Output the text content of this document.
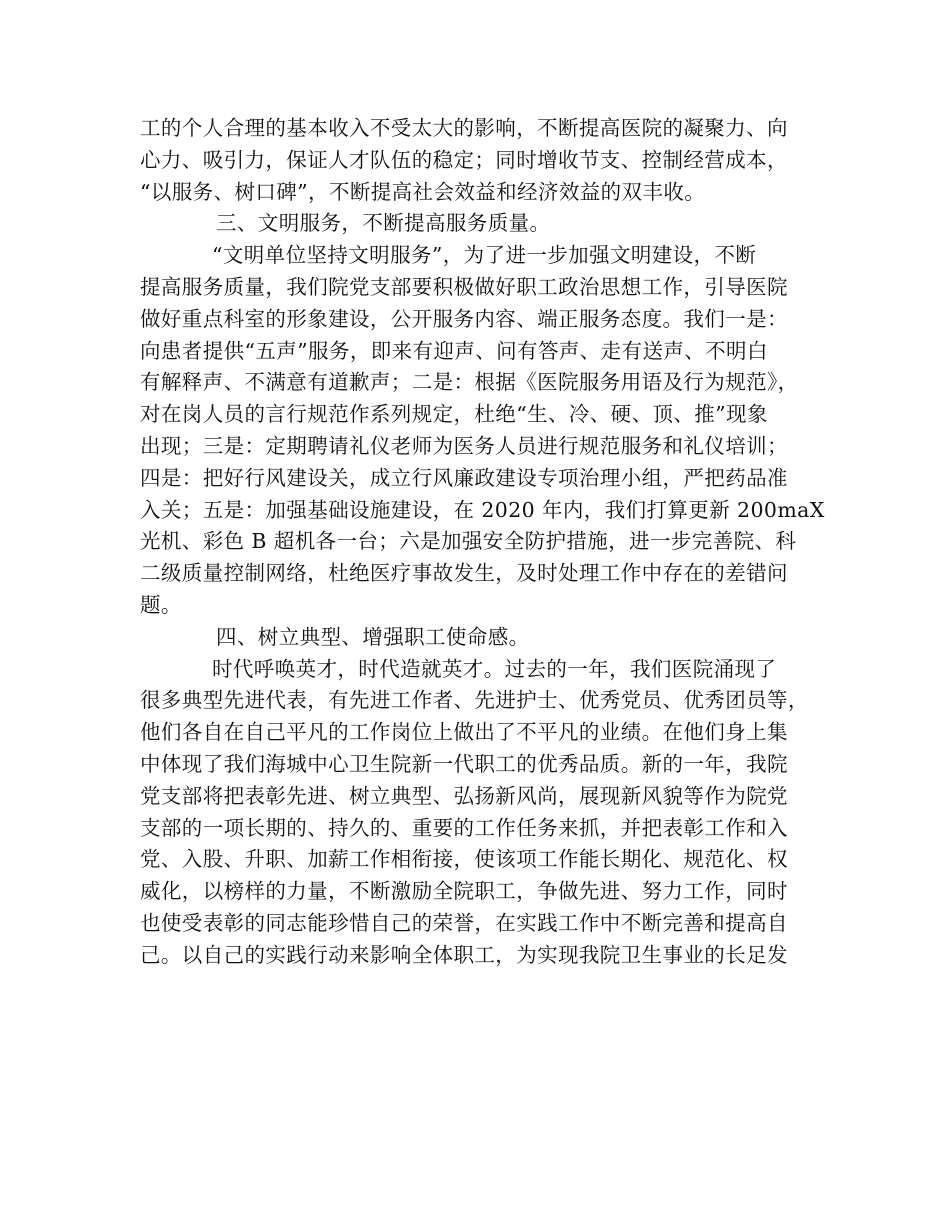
工的个人合理的基本收入不受太大的影响，不断提高医院的凝聚力、向
心力、吸引力，保证人才队伍的稳定；同时增收节支、控制经营成本，
“以服务、树口碑”，不断提高社会效益和经济效益的双丰收。
三、文明服务，不断提高服务质量。
“文明单位坚持文明服务”，为了进一步加强文明建设，不断
提高服务质量，我们院党支部要积极做好职工政治思想工作，引导医院
做好重点科室的形象建设，公开服务内容、端正服务态度。我们一是：
向患者提供“五声”服务，即来有迎声、问有答声、走有送声、不明白
有解释声、不满意有道歉声；二是：根据《医院服务用语及行为规范》，
对在岗人员的言行规范作系列规定，杜绝“生、冷、硬、顶、推”现象
出现；三是：定期聘请礼仪老师为医务人员进行规范服务和礼仪培训；
四是：把好行风建设关，成立行风廉政建设专项治理小组，严把药品准
入关；五是：加强基础设施建设，在 2020 年内，我们打算更新 200maX
光机、彩色 B 超机各一台；六是加强安全防护措施，进一步完善院、科
二级质量控制网络，杜绝医疗事故发生，及时处理工作中存在的差错问
题。
四、树立典型、增强职工使命感。
时代呼唤英才，时代造就英才。过去的一年，我们医院涌现了
很多典型先进代表，有先进工作者、先进护士、优秀党员、优秀团员等，
他们各自在自己平凡的工作岗位上做出了不平凡的业绩。在他们身上集
中体现了我们海城中心卫生院新一代职工的优秀品质。新的一年，我院
党支部将把表彰先进、树立典型、弘扬新风尚，展现新风貌等作为院党
支部的一项长期的、持久的、重要的工作任务来抓，并把表彰工作和入
党、入股、升职、加薪工作相衔接，使该项工作能长期化、规范化、权
威化，以榜样的力量，不断激励全院职工，争做先进、努力工作，同时
也使受表彰的同志能珍惜自己的荣誉，在实践工作中不断完善和提高自
己。以自己的实践行动来影响全体职工，为实现我院卫生事业的长足发
